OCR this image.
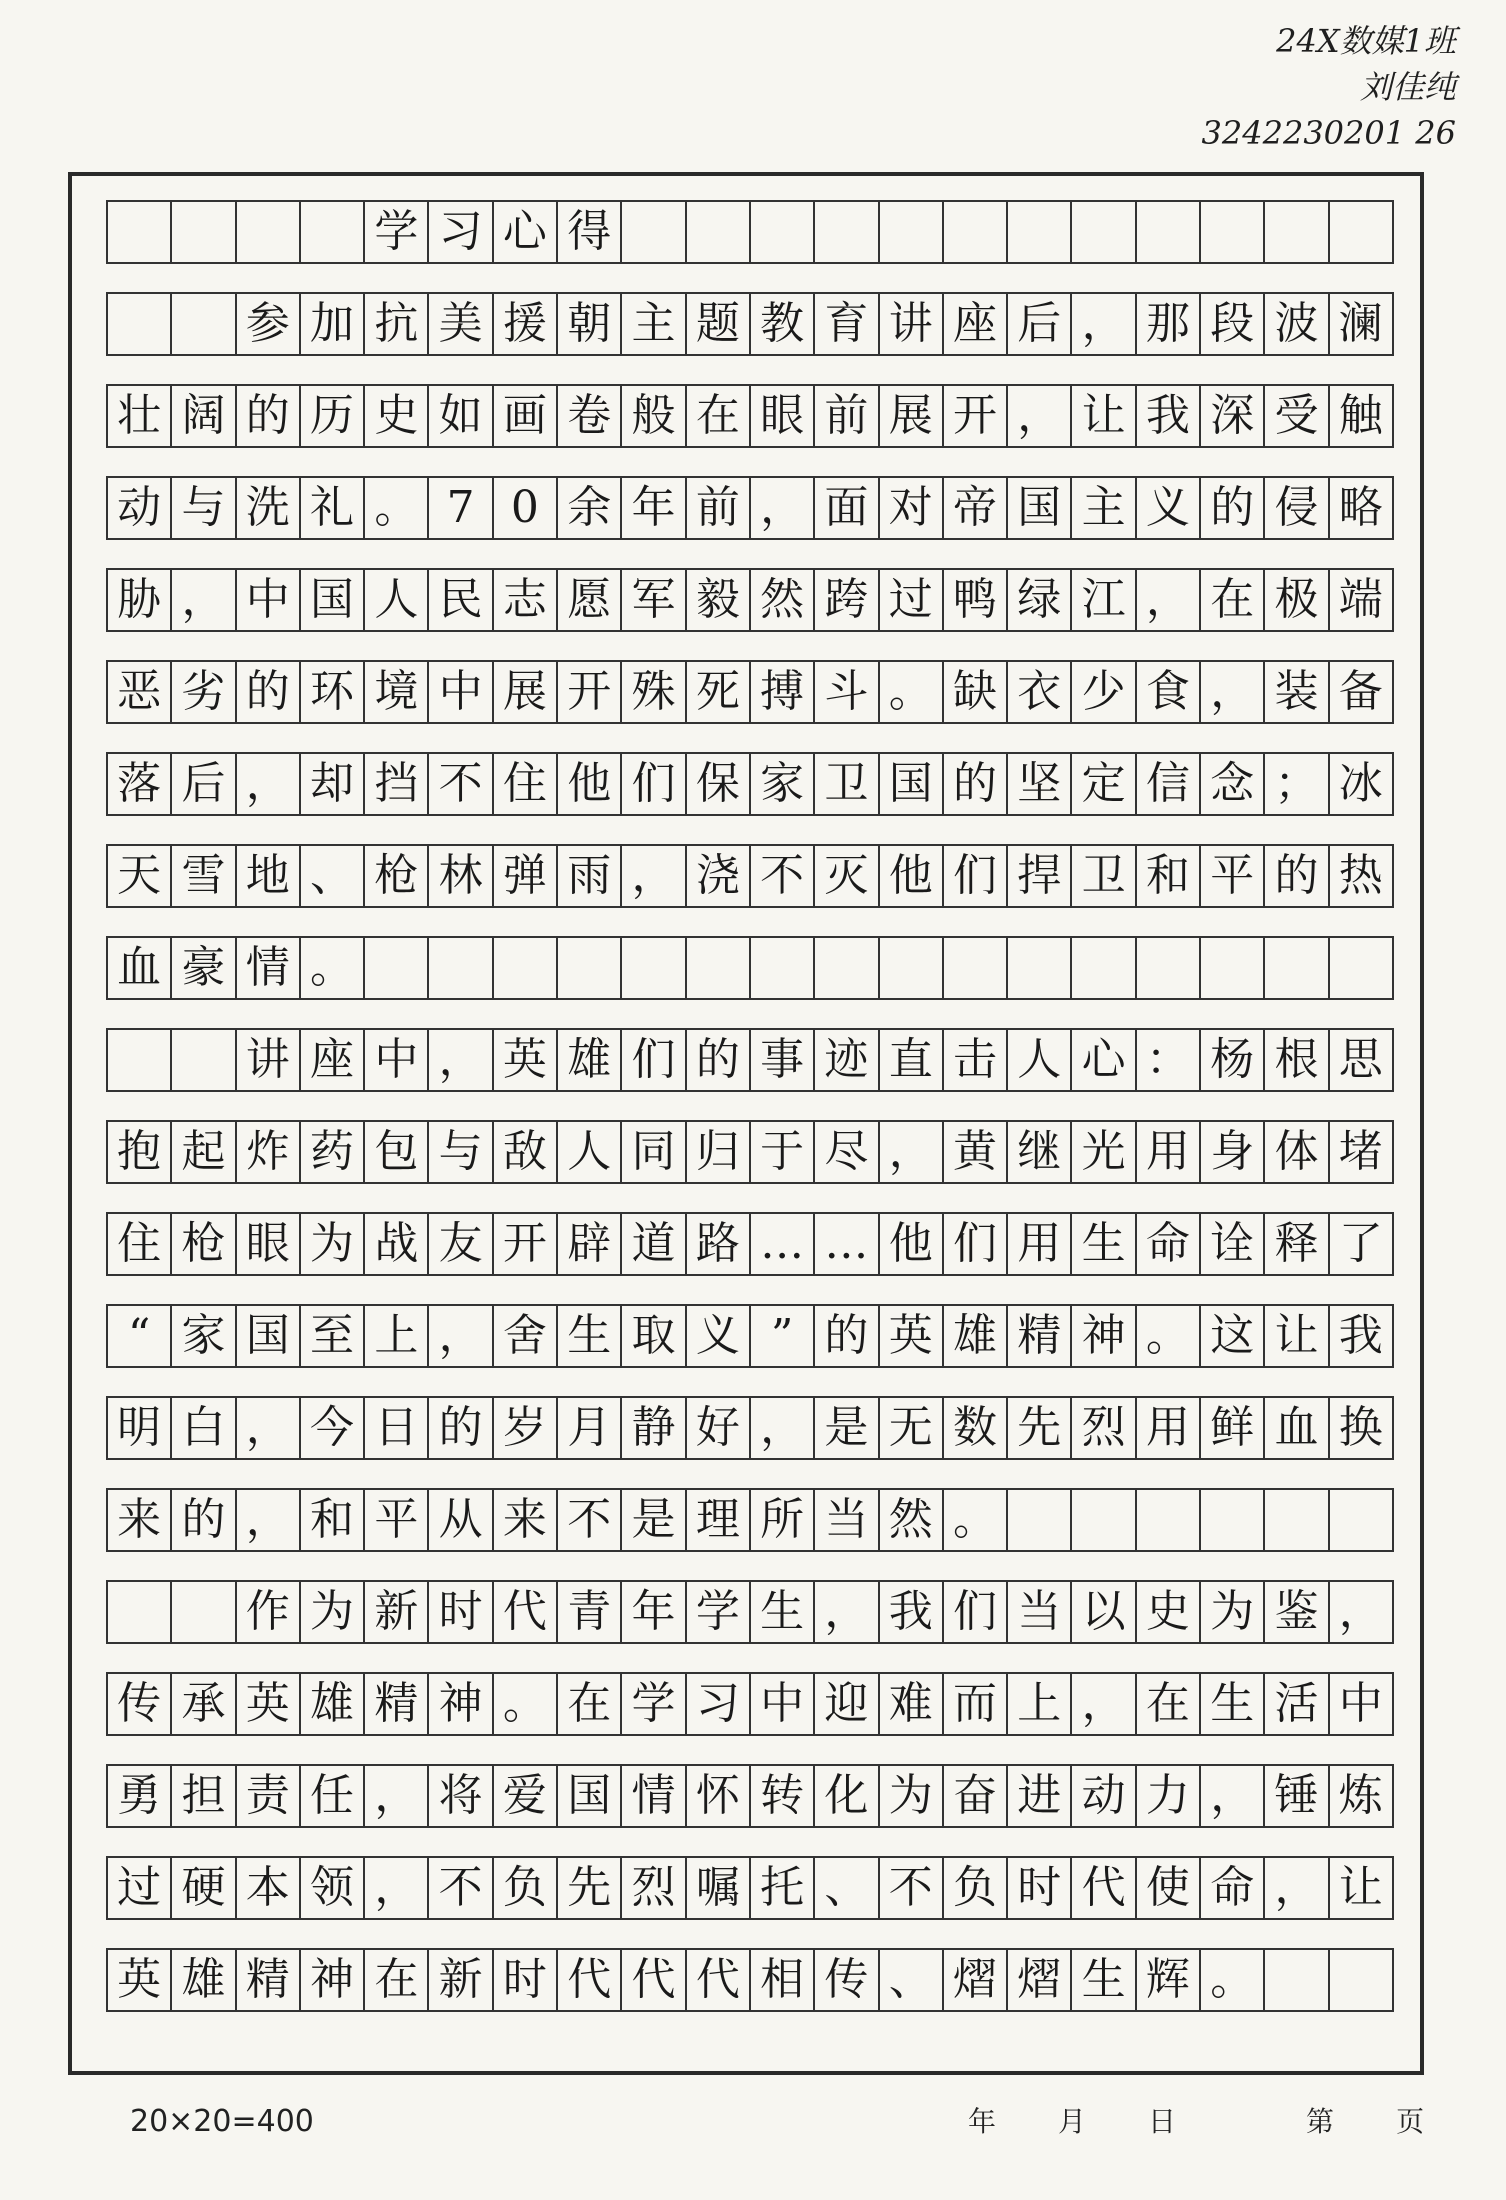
24X数媒1班
刘佳纯
3242230201 26
学 习 心 得
参 加 抗 美 援 朝 主 题 教 育 讲 座 后 ， 那 段 波 澜
壮 阔 的 历 史 如 画 卷 般 在 眼 前 展 开 ， 让 我 深 受 触
动 与 洗 礼 。 7 0 余 年 前 ， 面 对 帝 国 主 义 的 侵 略
胁 ， 中 国 人 民 志 愿 军 毅 然 跨 过 鸭 绿 江 ， 在 极 端
恶 劣 的 环 境 中 展 开 殊 死 搏 斗 。 缺 衣 少 食 ， 装 备
落 后 ， 却 挡 不 住 他 们 保 家 卫 国 的 坚 定 信 念 ； 冰
天 雪 地 、 枪 林 弹 雨 ， 浇 不 灭 他 们 捍 卫 和 平 的 热
血 豪 情 。
讲 座 中 ， 英 雄 们 的 事 迹 直 击 人 心 ： 杨 根 思
抱 起 炸 药 包 与 敌 人 同 归 于 尽 ， 黄 继 光 用 身 体 堵
住 枪 眼 为 战 友 开 辟 道 路 … … 他 们 用 生 命 诠 释 了
“ 家 国 至 上 ， 舍 生 取 义 ” 的 英 雄 精 神 。 这 让 我
明 白 ， 今 日 的 岁 月 静 好 ， 是 无 数 先 烈 用 鲜 血 换
来 的 ， 和 平 从 来 不 是 理 所 当 然 。
作 为 新 时 代 青 年 学 生 ， 我 们 当 以 史 为 鉴 ，
传 承 英 雄 精 神 。 在 学 习 中 迎 难 而 上 ， 在 生 活 中
勇 担 责 任 ， 将 爱 国 情 怀 转 化 为 奋 进 动 力 ， 锤 炼
过 硬 本 领 ， 不 负 先 烈 嘱 托 、 不 负 时 代 使 命 ， 让
英 雄 精 神 在 新 时 代 代 代 相 传 、 熠 熠 生 辉 。
20×20=400	年 月 日	第 页
